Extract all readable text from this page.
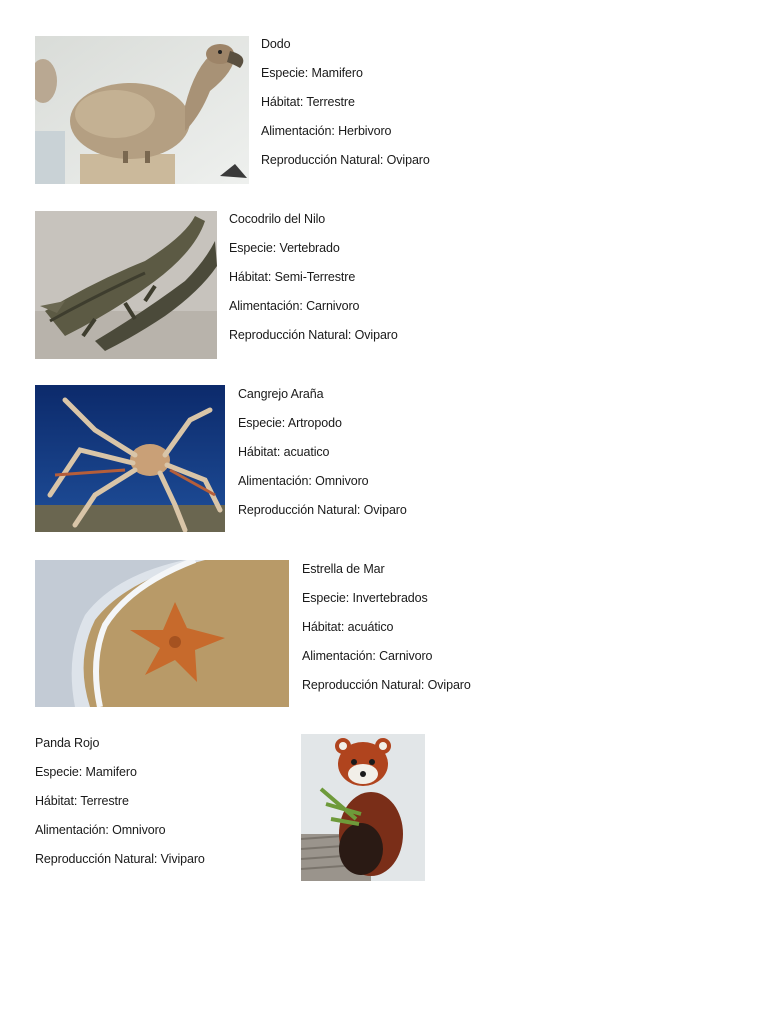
Dodo
Especie: Mamifero
Hábitat: Terrestre
Alimentación: Herbivoro
Reproducción Natural: Oviparo
Cocodrilo del Nilo
Especie: Vertebrado
Hábitat: Semi-Terrestre
Alimentación: Carnivoro
Reproducción Natural: Oviparo
Cangrejo Araña
Especie: Artropodo
Hábitat: acuatico
Alimentación: Omnivoro
Reproducción Natural: Oviparo
Estrella de Mar
Especie: Invertebrados
Hábitat: acuático
Alimentación: Carnivoro
Reproducción Natural: Oviparo
Panda Rojo
Especie: Mamifero
Hábitat: Terrestre
Alimentación: Omnivoro
Reproducción Natural: Viviparo
